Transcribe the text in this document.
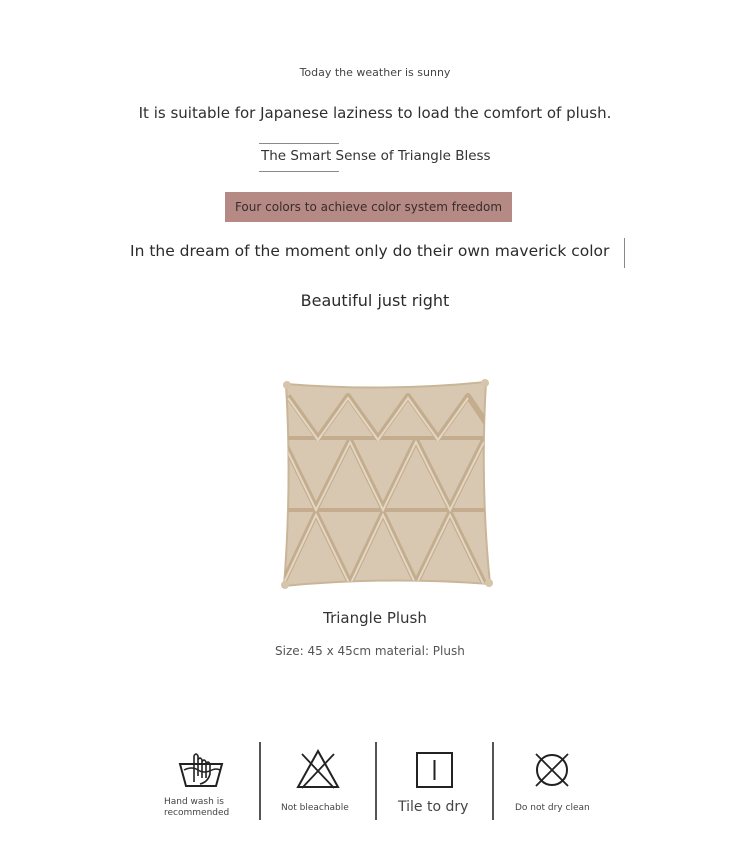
Today the weather is sunny
It is suitable for Japanese laziness to load the comfort of plush.
The Smart Sense of Triangle Bless
Four colors to achieve color system freedom
In the dream of the moment only do their own maverick color
Beautiful just right
Triangle Plush
Size: 45 x 45cm material: Plush
Hand wash is
recommended	Not bleachable	Tile to dry	Do not dry clean
